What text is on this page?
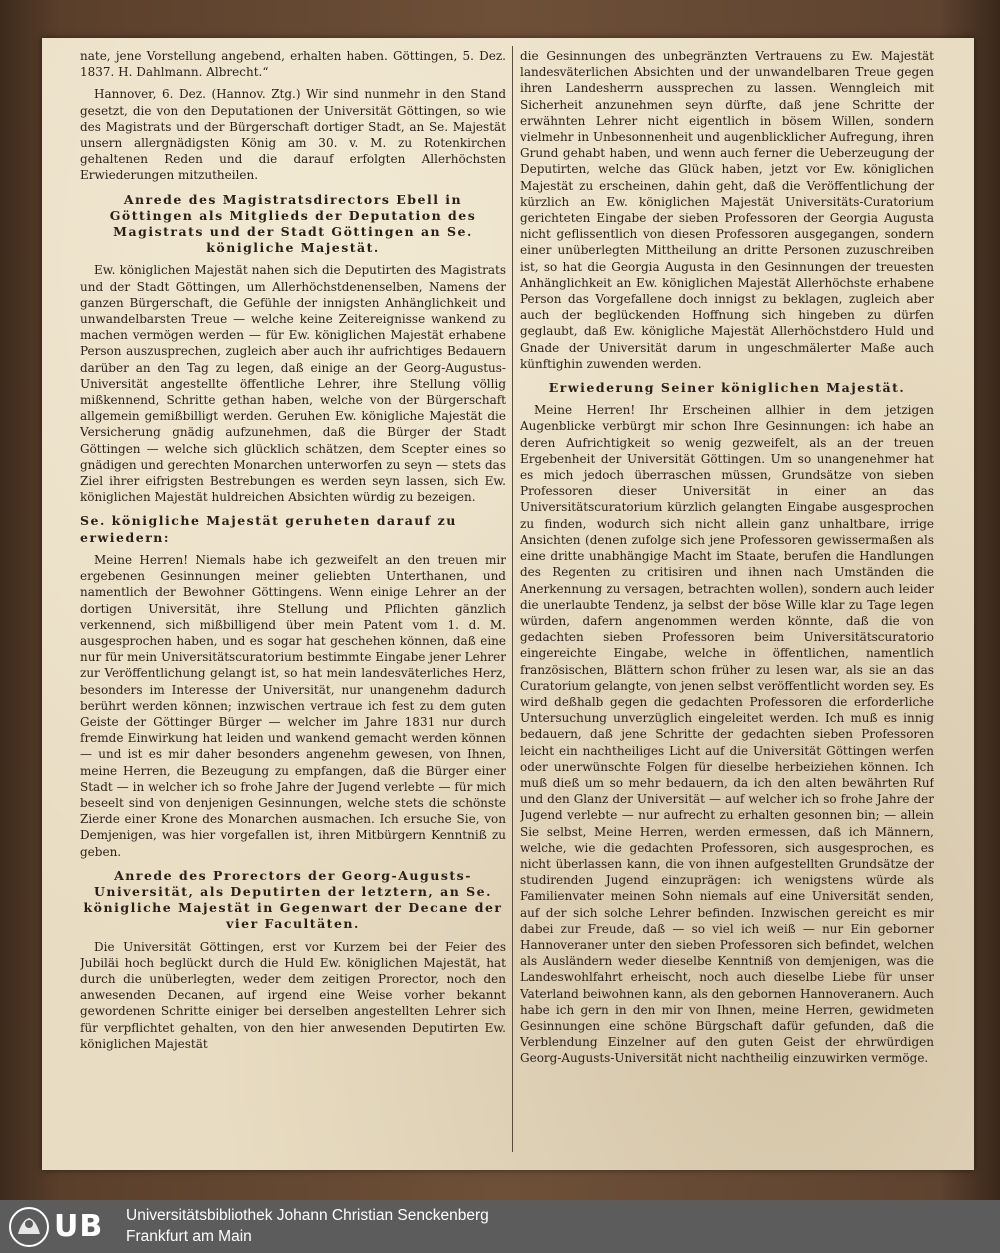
nate, jene Vorstellung angebend, erhalten haben. Göttingen, 5. Dez. 1837. H. Dahlmann. Albrecht.“

Hannover, 6. Dez. (Hannov. Ztg.) Wir sind nunmehr in den Stand gesetzt, die von den Deputationen der Universität Göttingen, so wie des Magistrats und der Bürgerschaft dortiger Stadt, an Se. Majestät unsern allergnädigsten König am 30. v. M. zu Rotenkirchen gehaltenen Reden und die darauf erfolgten Allerhöchsten Erwiederungen mitzutheilen.

Anrede des Magistratsdirectors Ebell in Göttingen als Mitglieds der Deputation des Magistrats und der Stadt Göttingen an Se. königliche Majestät.

Ew. königlichen Majestät nahen sich die Deputirten des Magistrats und der Stadt Göttingen, um Allerhöchstdenenselben, Namens der ganzen Bürgerschaft, die Gefühle der innigsten Anhänglichkeit und unwandelbarsten Treue — welche keine Zeitereignisse wankend zu machen vermögen werden — für Ew. königlichen Majestät erhabene Person auszusprechen, zugleich aber auch ihr aufrichtiges Bedauern darüber an den Tag zu legen, daß einige an der Georg-Augustus-Universität angestellte öffentliche Lehrer, ihre Stellung völlig mißkennend, Schritte gethan haben, welche von der Bürgerschaft allgemein gemißbilligt werden. Geruhen Ew. königliche Majestät die Versicherung gnädig aufzunehmen, daß die Bürger der Stadt Göttingen — welche sich glücklich schätzen, dem Scepter eines so gnädigen und gerechten Monarchen unterworfen zu seyn — stets das Ziel ihrer eifrigsten Bestrebungen es werden seyn lassen, sich Ew. königlichen Majestät huldreichen Absichten würdig zu bezeigen.

Se. königliche Majestät geruheten darauf zu erwiedern:

Meine Herren! Niemals habe ich gezweifelt an den treuen mir ergebenen Gesinnungen meiner geliebten Unterthanen, und namentlich der Bewohner Göttingens. Wenn einige Lehrer an der dortigen Universität, ihre Stellung und Pflichten gänzlich verkennend, sich mißbilligend über mein Patent vom 1. d. M. ausgesprochen haben, und es sogar hat geschehen können, daß eine nur für mein Universitätscuratorium bestimmte Eingabe jener Lehrer zur Veröffentlichung gelangt ist, so hat mein landesväterliches Herz, besonders im Interesse der Universität, nur unangenehm dadurch berührt werden können; inzwischen vertraue ich fest zu dem guten Geiste der Göttinger Bürger — welcher im Jahre 1831 nur durch fremde Einwirkung hat leiden und wankend gemacht werden können — und ist es mir daher besonders angenehm gewesen, von Ihnen, meine Herren, die Bezeugung zu empfangen, daß die Bürger einer Stadt — in welcher ich so frohe Jahre der Jugend verlebte — für mich beseelt sind von denjenigen Gesinnungen, welche stets die schönste Zierde einer Krone des Monarchen ausmachen. Ich ersuche Sie, von Demjenigen, was hier vorgefallen ist, ihren Mitbürgern Kenntniß zu geben.

Anrede des Prorectors der Georg-Augusts-Universität, als Deputirten der letztern, an Se. königliche Majestät in Gegenwart der Decane der vier Facultäten.

Die Universität Göttingen, erst vor Kurzem bei der Feier des Jubiläi hoch beglückt durch die Huld Ew. königlichen Majestät, hat durch die unüberlegten, weder dem zeitigen Prorector, noch den anwesenden Decanen, auf irgend eine Weise vorher bekannt gewordenen Schritte einiger bei derselben angestellten Lehrer sich für verpflichtet gehalten, von den hier anwesenden Deputirten Ew. königlichen Majestät

die Gesinnungen des unbegränzten Vertrauens zu Ew. Majestät landesväterlichen Absichten und der unwandelbaren Treue gegen ihren Landesherrn aussprechen zu lassen. Wenngleich mit Sicherheit anzunehmen seyn dürfte, daß jene Schritte der erwähnten Lehrer nicht eigentlich in bösem Willen, sondern vielmehr in Unbesonnenheit und augenblicklicher Aufregung, ihren Grund gehabt haben, und wenn auch ferner die Ueberzeugung der Deputirten, welche das Glück haben, jetzt vor Ew. königlichen Majestät zu erscheinen, dahin geht, daß die Veröffentlichung der kürzlich an Ew. königlichen Majestät Universitäts-Curatorium gerichteten Eingabe der sieben Professoren der Georgia Augusta nicht geflissentlich von diesen Professoren ausgegangen, sondern einer unüberlegten Mittheilung an dritte Personen zuzuschreiben ist, so hat die Georgia Augusta in den Gesinnungen der treuesten Anhänglichkeit an Ew. königlichen Majestät Allerhöchste erhabene Person das Vorgefallene doch innigst zu beklagen, zugleich aber auch der beglückenden Hoffnung sich hingeben zu dürfen geglaubt, daß Ew. königliche Majestät Allerhöchstdero Huld und Gnade der Universität darum in ungeschmälerter Maße auch künftighin zuwenden werden.

Erwiederung Seiner königlichen Majestät.

Meine Herren! Ihr Erscheinen allhier in dem jetzigen Augenblicke verbürgt mir schon Ihre Gesinnungen: ich habe an deren Aufrichtigkeit so wenig gezweifelt, als an der treuen Ergebenheit der Universität Göttingen. Um so unangenehmer hat es mich jedoch überraschen müssen, Grundsätze von sieben Professoren dieser Universität in einer an das Universitätscuratorium kürzlich gelangten Eingabe ausgesprochen zu finden, wodurch sich nicht allein ganz unhaltbare, irrige Ansichten (denen zufolge sich jene Professoren gewissermaßen als eine dritte unabhängige Macht im Staate, berufen die Handlungen des Regenten zu critisiren und ihnen nach Umständen die Anerkennung zu versagen, betrachten wollen), sondern auch leider die unerlaubte Tendenz, ja selbst der böse Wille klar zu Tage legen würden, dafern angenommen werden könnte, daß die von gedachten sieben Professoren beim Universitätscuratorio eingereichte Eingabe, welche in öffentlichen, namentlich französischen, Blättern schon früher zu lesen war, als sie an das Curatorium gelangte, von jenen selbst veröffentlicht worden sey. Es wird deßhalb gegen die gedachten Professoren die erforderliche Untersuchung unverzüglich eingeleitet werden. Ich muß es innig bedauern, daß jene Schritte der gedachten sieben Professoren leicht ein nachtheiliges Licht auf die Universität Göttingen werfen oder unerwünschte Folgen für dieselbe herbeiziehen können. Ich muß dieß um so mehr bedauern, da ich den alten bewährten Ruf und den Glanz der Universität — auf welcher ich so frohe Jahre der Jugend verlebte — nur aufrecht zu erhalten gesonnen bin; — allein Sie selbst, Meine Herren, werden ermessen, daß ich Männern, welche, wie die gedachten Professoren, sich ausgesprochen, es nicht überlassen kann, die von ihnen aufgestellten Grundsätze der studirenden Jugend einzuprägen: ich wenigstens würde als Familienvater meinen Sohn niemals auf eine Universität senden, auf der sich solche Lehrer befinden. Inzwischen gereicht es mir dabei zur Freude, daß — so viel ich weiß — nur Ein geborner Hannoveraner unter den sieben Professoren sich befindet, welchen als Ausländern weder dieselbe Kenntniß von demjenigen, was die Landeswohlfahrt erheischt, noch auch dieselbe Liebe für unser Vaterland beiwohnen kann, als den gebornen Hannoveranern. Auch habe ich gern in den mir von Ihnen, meine Herren, gewidmeten Gesinnungen eine schöne Bürgschaft dafür gefunden, daß die Verblendung Einzelner auf den guten Geist der ehrwürdigen Georg-Augusts-Universität nicht nachtheilig einzuwirken vermöge.

UB Universitätsbibliothek Johann Christian Senckenberg
Frankfurt am Main
